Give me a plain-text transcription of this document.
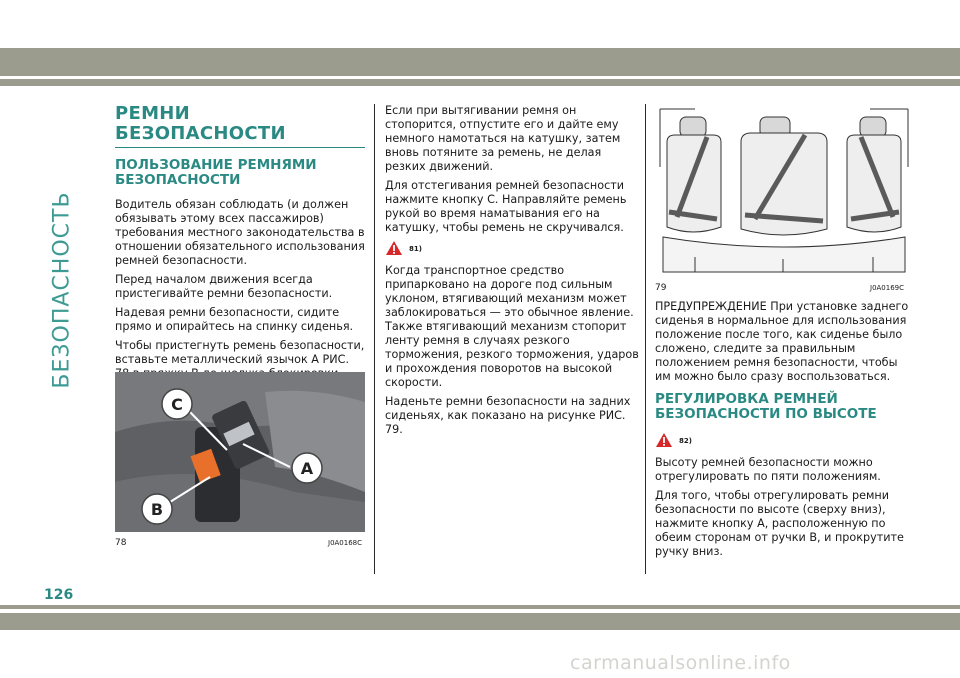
БЕЗОПАСНОСТЬ
126
РЕМНИ БЕЗОПАСНОСТИ
ПОЛЬЗОВАНИЕ РЕМНЯМИ БЕЗОПАСНОСТИ

Водитель обязан соблюдать (и должен обязывать этому всех пассажиров) требования местного законодательства в отношении обязательного использования ремней безопасности.

Перед началом движения всегда пристегивайте ремни безопасности.

Надевая ремни безопасности, сидите прямо и опирайтесь на спинку сиденья.

Чтобы пристегнуть ремень безопасности, вставьте металлический язычок A РИС.

C
A
B
78	J0A0168C

Если при вытягивании ремня он стопорится, отпустите его и дайте ему немного намотаться на катушку, затем вновь потяните за ремень, не делая резких движений.

Для отстегивания ремней безопасности нажмите кнопку C. Направляйте ремень рукой во время наматывания его на катушку, чтобы ремень не скручивался.

81)

Когда транспортное средство припарковано на дороге под сильным уклоном, втягивающий механизм может заблокироваться — это обычное явление. Также втягивающий механизм стопорит ленту ремня в случаях резкого торможения, резкого торможения, ударов и прохождения поворотов на высокой скорости.

Наденьте ремни безопасности на задних сиденьях, как показано на рисунке РИС. 79.

79	J0A0169C

ПРЕДУПРЕЖДЕНИЕ При установке заднего сиденья в нормальное для использования положение после того, как сиденье было сложено, следите за правильным положением ремня безопасности, чтобы им можно было сразу воспользоваться.

РЕГУЛИРОВКА РЕМНЕЙ БЕЗОПАСНОСТИ ПО ВЫСОТЕ
82)

Высоту ремней безопасности можно отрегулировать по пяти положениям.

Для того, чтобы отрегулировать ремни безопасности по высоте (сверху вниз), нажмите кнопку A, расположенную по обеим сторонам от ручки B, и прокрутите ручку вниз.

carmanualsonline.info
